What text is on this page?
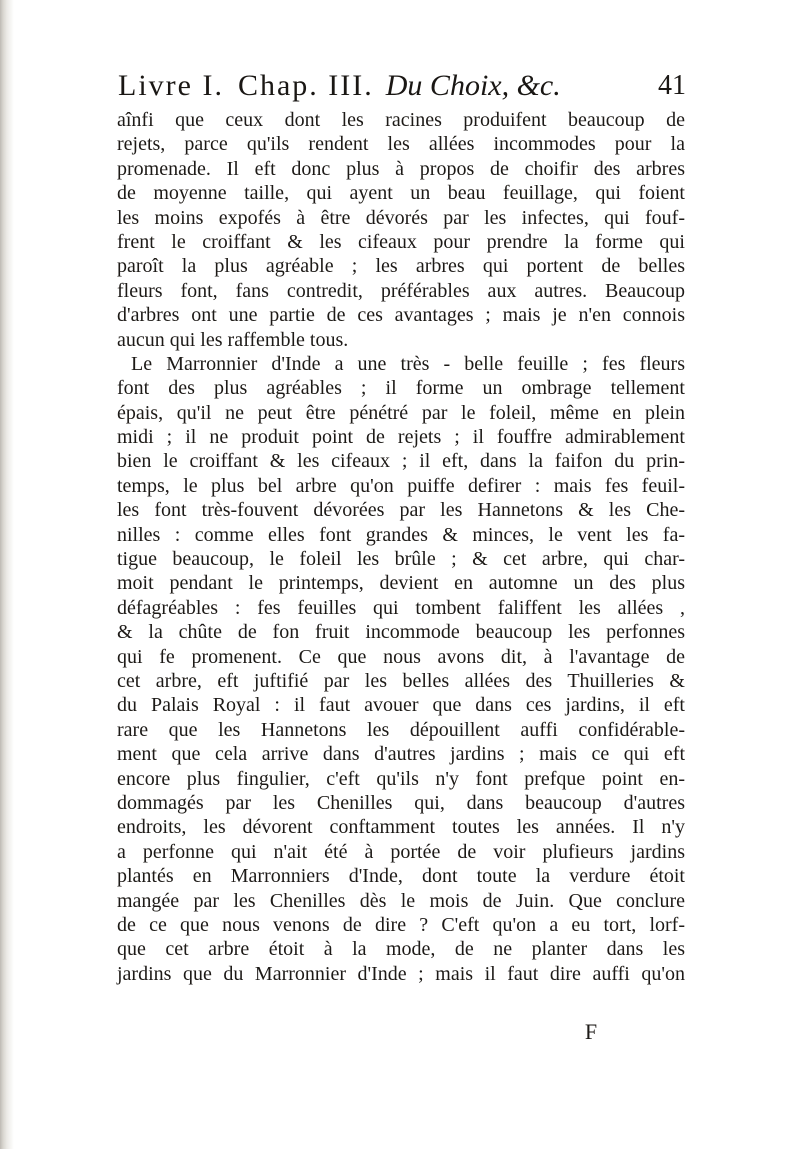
Livre I. Chap. III. Du Choix, &c.	41
aînfi que ceux dont les racines produifent beaucoup de
rejets, parce qu'ils rendent les allées incommodes pour la
promenade. Il eft donc plus à propos de choifir des arbres
de moyenne taille, qui ayent un beau feuillage, qui foient
les moins expofés à être dévorés par les infectes, qui fouf-
frent le croiffant & les cifeaux pour prendre la forme qui
paroît la plus agréable ; les arbres qui portent de belles
fleurs font, fans contredit, préférables aux autres. Beaucoup
d'arbres ont une partie de ces avantages ; mais je n'en connois
aucun qui les raffemble tous.
Le Marronnier d'Inde a une très - belle feuille ; fes fleurs
font des plus agréables ; il forme un ombrage tellement
épais, qu'il ne peut être pénétré par le foleil, même en plein
midi ; il ne produit point de rejets ; il fouffre admirablement
bien le croiffant & les cifeaux ; il eft, dans la faifon du prin-
temps, le plus bel arbre qu'on puiffe defirer : mais fes feuil-
les font très-fouvent dévorées par les Hannetons & les Che-
nilles : comme elles font grandes & minces, le vent les fa-
tigue beaucoup, le foleil les brûle ; & cet arbre, qui char-
moit pendant le printemps, devient en automne un des plus
défagréables : fes feuilles qui tombent faliffent les allées ,
& la chûte de fon fruit incommode beaucoup les perfonnes
qui fe promenent. Ce que nous avons dit, à l'avantage de
cet arbre, eft juftifié par les belles allées des Thuilleries &
du Palais Royal : il faut avouer que dans ces jardins, il eft
rare que les Hannetons les dépouillent auffi confidérable-
ment que cela arrive dans d'autres jardins ; mais ce qui eft
encore plus fingulier, c'eft qu'ils n'y font prefque point en-
dommagés par les Chenilles qui, dans beaucoup d'autres
endroits, les dévorent conftamment toutes les années. Il n'y
a perfonne qui n'ait été à portée de voir plufieurs jardins
plantés en Marronniers d'Inde, dont toute la verdure étoit
mangée par les Chenilles dès le mois de Juin. Que conclure
de ce que nous venons de dire ? C'eft qu'on a eu tort, lorf-
que cet arbre étoit à la mode, de ne planter dans les
jardins que du Marronnier d'Inde ; mais il faut dire auffi qu'on
F
